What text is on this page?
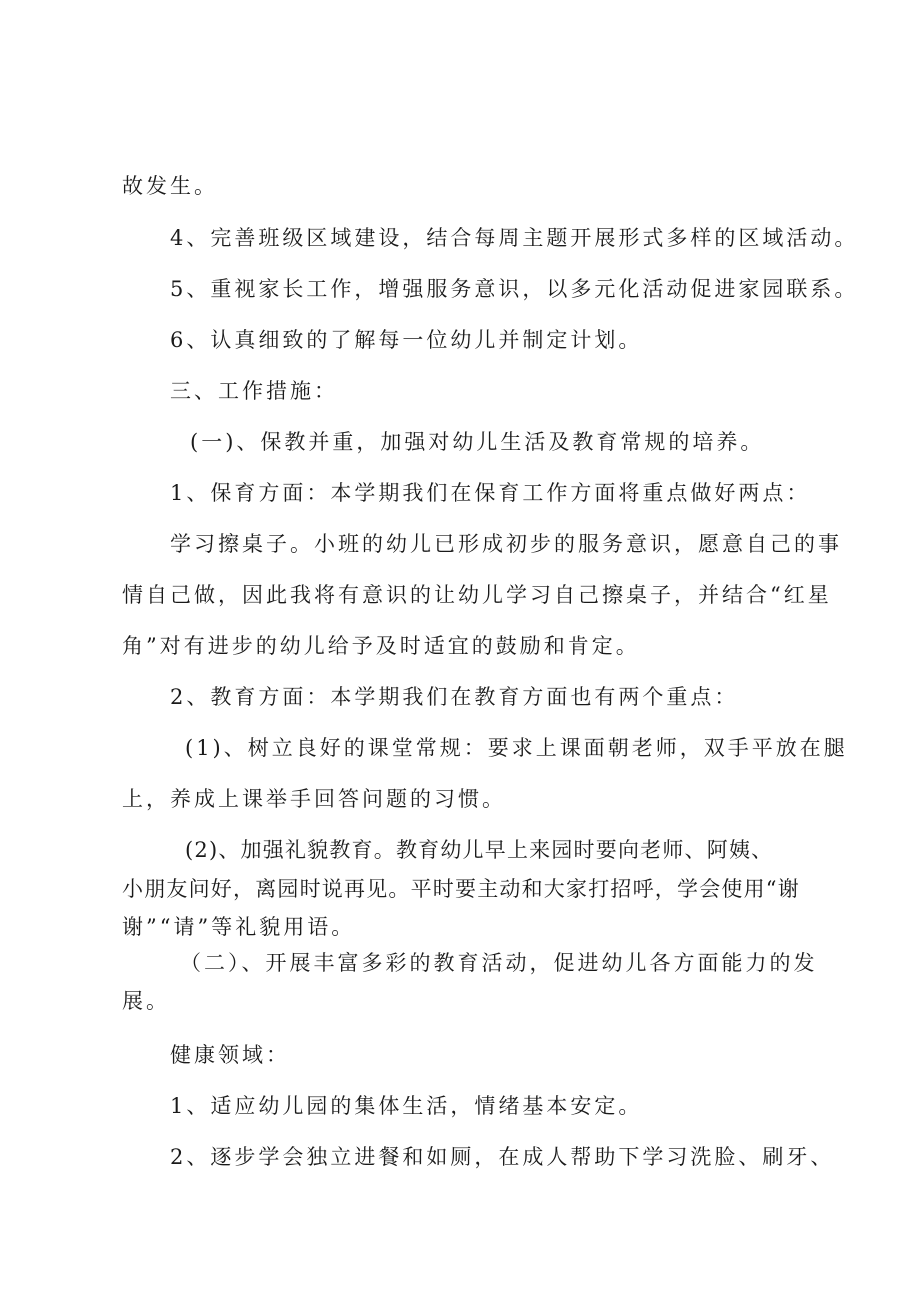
故发生。
4、完善班级区域建设，结合每周主题开展形式多样的区域活动。
5、重视家长工作，增强服务意识，以多元化活动促进家园联系。
6、认真细致的了解每一位幼儿并制定计划。
三、工作措施：
(一)、保教并重，加强对幼儿生活及教育常规的培养。
1、保育方面：本学期我们在保育工作方面将重点做好两点：
学习擦桌子。小班的幼儿已形成初步的服务意识，愿意自己的事
情自己做，因此我将有意识的让幼儿学习自己擦桌子，并结合“红星
角”对有进步的幼儿给予及时适宜的鼓励和肯定。
2、教育方面：本学期我们在教育方面也有两个重点：
(1)、树立良好的课堂常规：要求上课面朝老师，双手平放在腿
上，养成上课举手回答问题的习惯。
(2)、加强礼貌教育。教育幼儿早上来园时要向老师、阿姨、
小朋友问好，离园时说再见。平时要主动和大家打招呼，学会使用“谢
谢”“请”等礼貌用语。
（二）、开展丰富多彩的教育活动，促进幼儿各方面能力的发
展。
健康领域：
1、适应幼儿园的集体生活，情绪基本安定。
2、逐步学会独立进餐和如厕，在成人帮助下学习洗脸、刷牙、
